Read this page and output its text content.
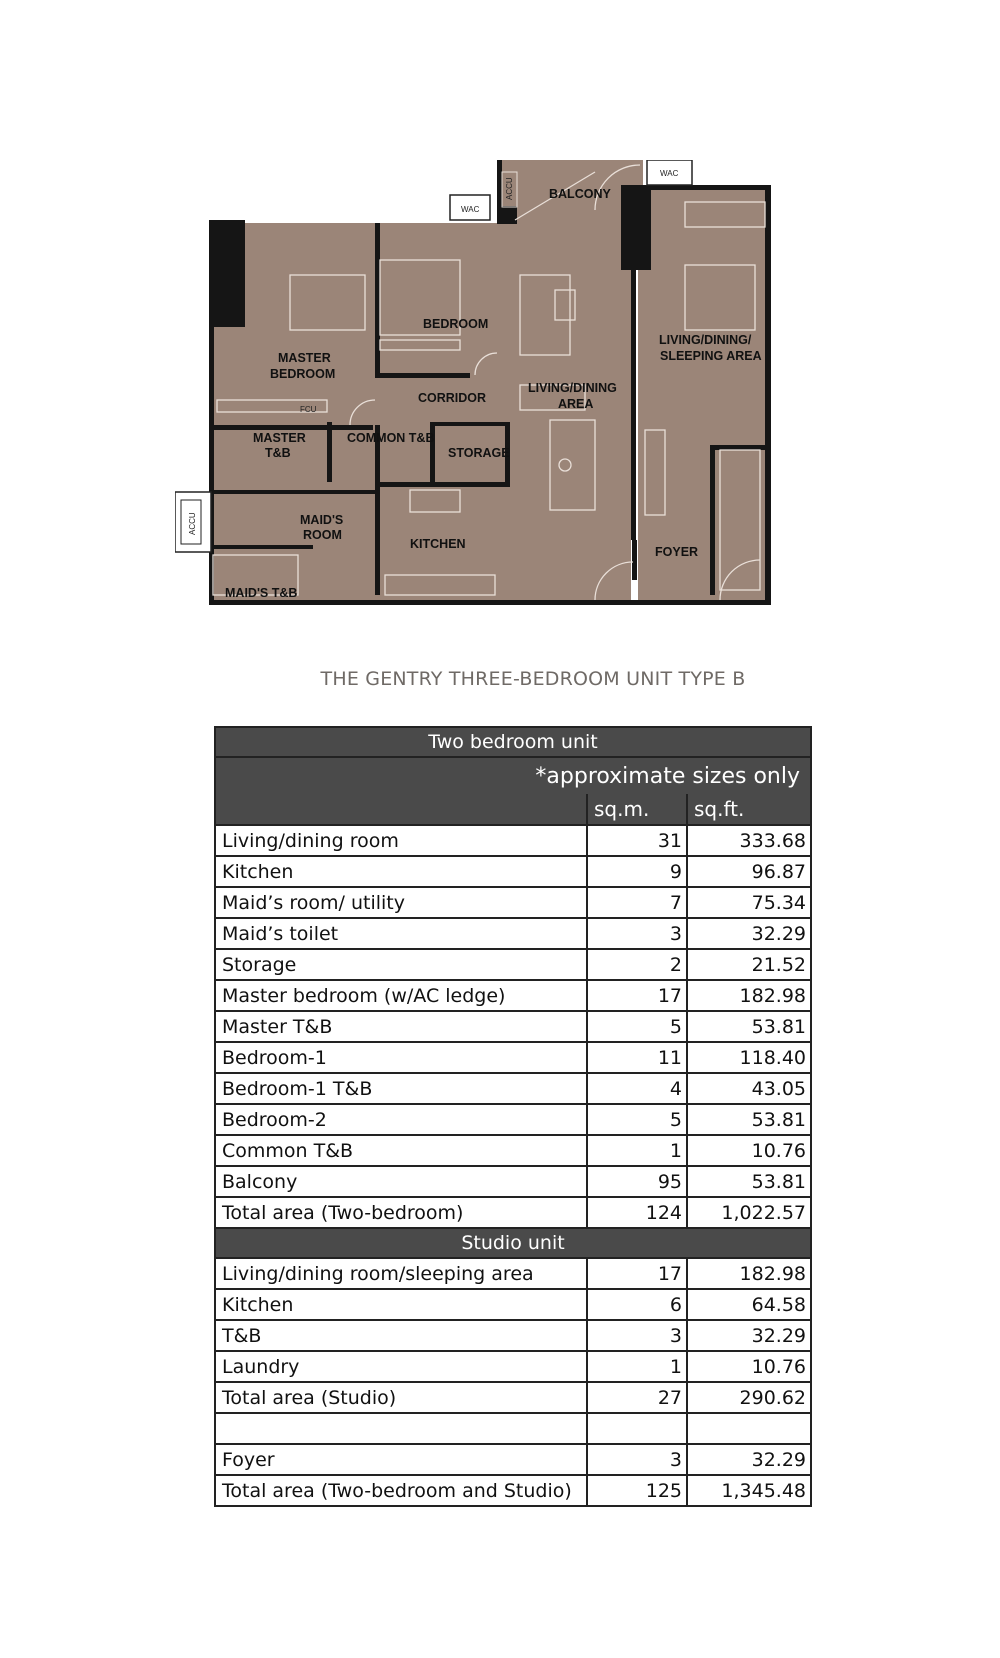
BALCONY
BEDROOM
MASTER
BEDROOM
CORRIDOR
LIVING/DINING
AREA
LIVING/DINING/
SLEEPING AREA
MASTER
T&B
COMMON T&B
STORAGE
MAID'S
ROOM
KITCHEN
FOYER
MAID'S T&B
WAC
WAC
FCU
ACCU
ACCU
THE GENTRY THREE-BEDROOM UNIT TYPE B
Two bedroom unit		
*approximate sizes only		
	sq.m.	sq.ft.
Living/dining room	31	333.68
Kitchen	9	96.87
Maid’s room/ utility	7	75.34
Maid’s toilet	3	32.29
Storage	2	21.52
Master bedroom (w/AC ledge)	17	182.98
Master T&B	5	53.81
Bedroom-1	11	118.40
Bedroom-1 T&B	4	43.05
Bedroom-2	5	53.81
Common T&B	1	10.76
Balcony	95	53.81
Total area (Two-bedroom)	124	1,022.57
Studio unit		
Living/dining room/sleeping area	17	182.98
Kitchen	6	64.58
T&B	3	32.29
Laundry	1	10.76
Total area (Studio)	27	290.62

Foyer	3	32.29
Total area (Two-bedroom and Studio)	125	1,345.48
